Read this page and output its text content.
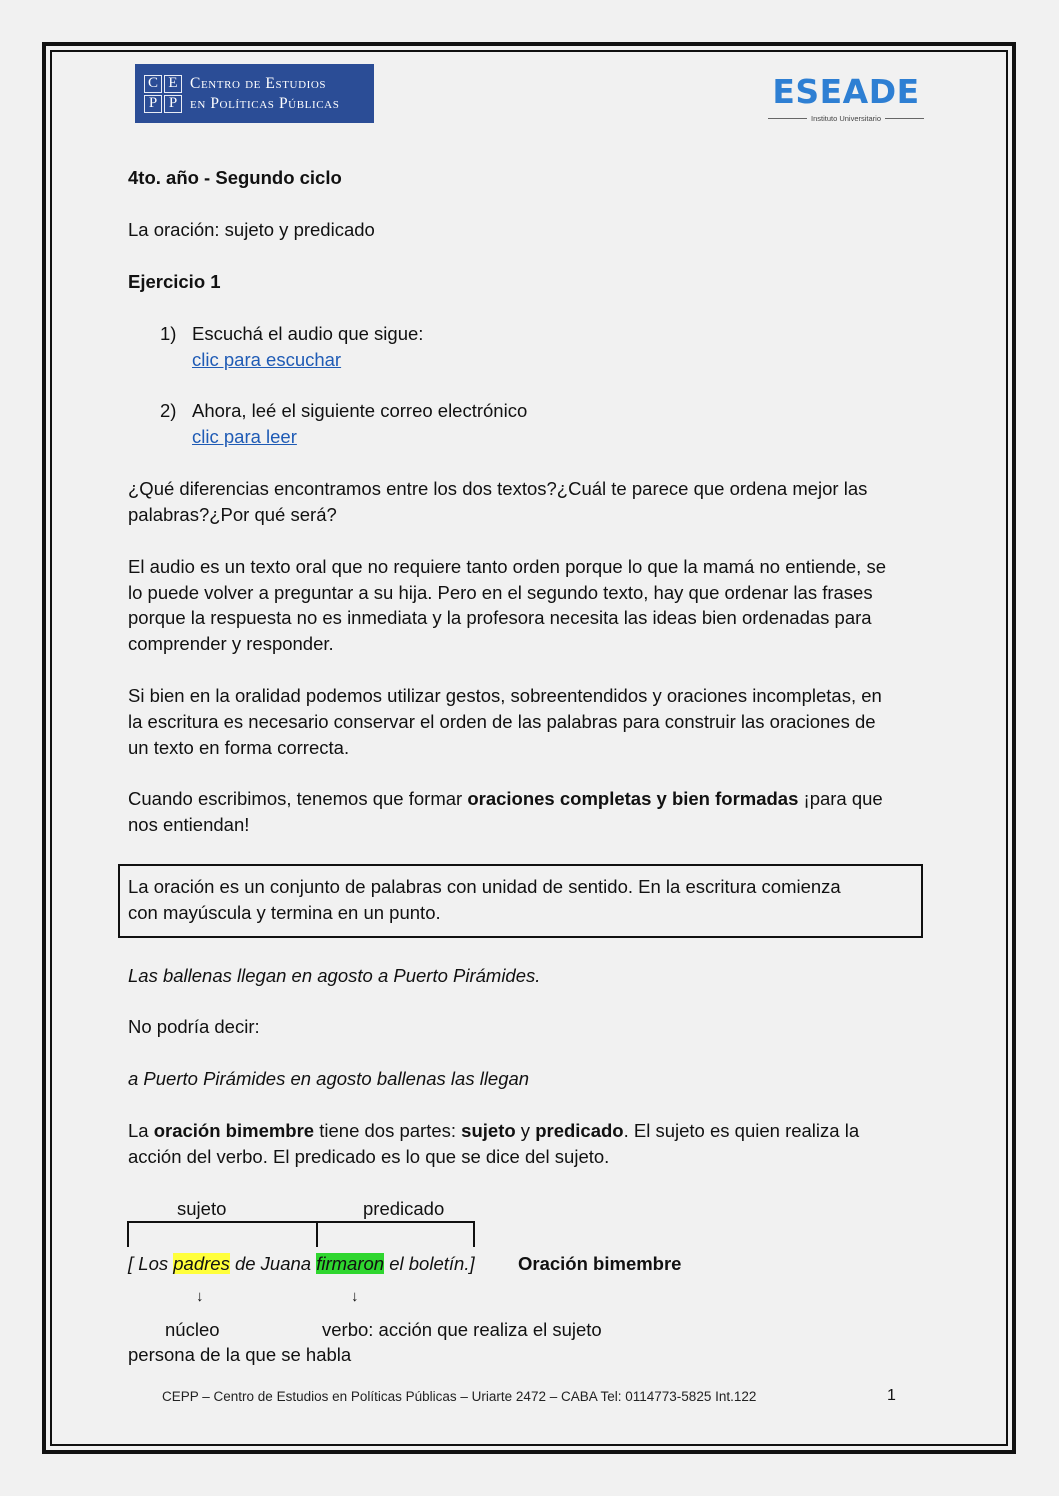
C E
P P
Centro de Estudios
en Políticas Públicas	ESEADE
Instituto Universitario
4to. año - Segundo ciclo
La oración: sujeto y predicado
Ejercicio 1
1) Escuchá el audio que sigue:
clic para escuchar
2) Ahora, leé el siguiente correo electrónico
clic para leer
¿Qué diferencias encontramos entre los dos textos?¿Cuál te parece que ordena mejor las
palabras?¿Por qué será?
El audio es un texto oral que no requiere tanto orden porque lo que la mamá no entiende, se
lo puede volver a preguntar a su hija. Pero en el segundo texto, hay que ordenar las frases
porque la respuesta no es inmediata y la profesora necesita las ideas bien ordenadas para
comprender y responder.
Si bien en la oralidad podemos utilizar gestos, sobreentendidos y oraciones incompletas, en
la escritura es necesario conservar el orden de las palabras para construir las oraciones de
un texto en forma correcta.
Cuando escribimos, tenemos que formar oraciones completas y bien formadas ¡para que
nos entiendan!
La oración es un conjunto de palabras con unidad de sentido. En la escritura comienza
con mayúscula y termina en un punto.
Las ballenas llegan en agosto a Puerto Pirámides.
No podría decir:
a Puerto Pirámides en agosto ballenas las llegan
La oración bimembre tiene dos partes: sujeto y predicado. El sujeto es quien realiza la
acción del verbo. El predicado es lo que se dice del sujeto.
sujeto	predicado
[ Los padres de Juana firmaron el boletín.] Oración bimembre
↓	↓
núcleo	verbo: acción que realiza el sujeto
persona de la que se habla
CEPP – Centro de Estudios en Políticas Públicas – Uriarte 2472 – CABA Tel: 0114773-5825 Int.122	1
